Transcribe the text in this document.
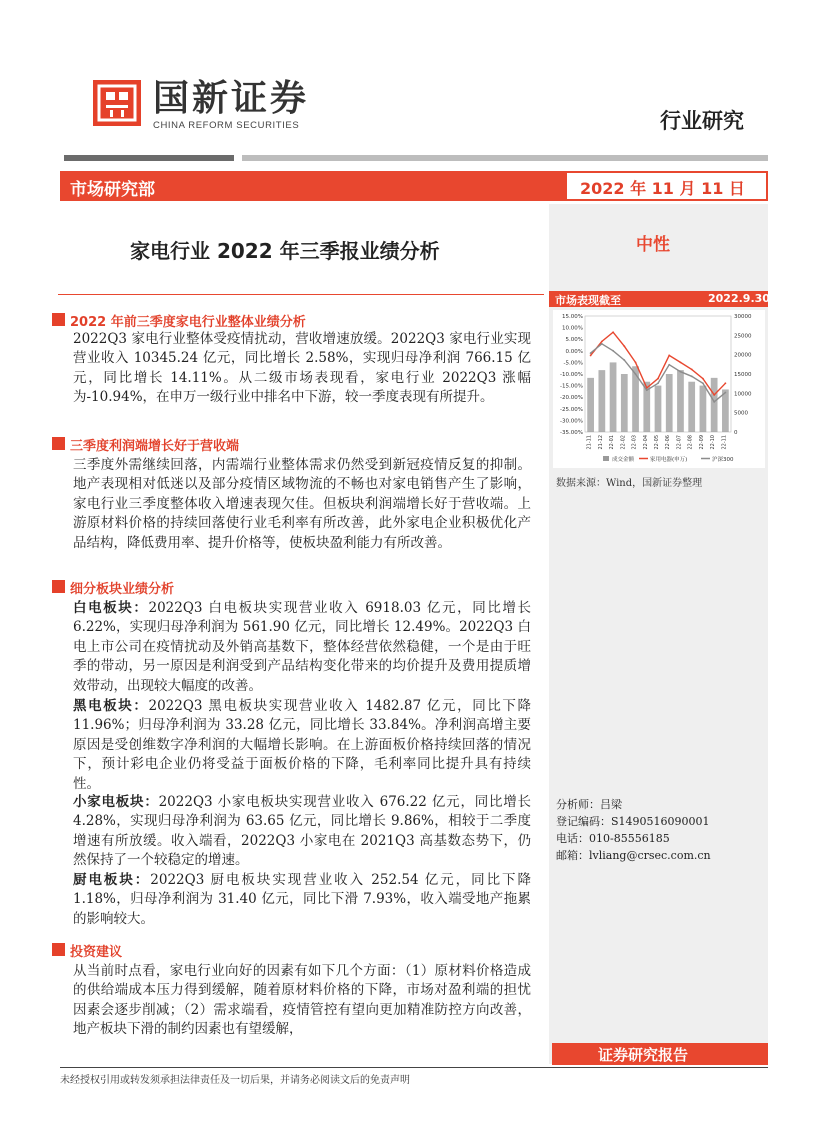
国新证券
CHINA REFORM SECURITIES	行业研究
市场研究部	2022 年 11 月 11 日
中性
市场表现截至	2022.9.30
15.00%
10.00%
5.00%
0.00%
-5.00%
-10.00%
-15.00%
-20.00%
-25.00%
-30.00%
-35.00%
30000
25000
20000
15000
10000
5000
0
21-11 21-12 22-01 22-02 22-03 22-04 22-05 22-06 22-07 22-08 22-09 22-10 22-11
成交金额	家用电器(申万)	沪深300
数据来源：Wind，国新证券整理
分析师：吕梁
登记编码：S1490516090001
电话：010-85556185
邮箱：lvliang@crsec.com.cn
家电行业 2022 年三季报业绩分析
2022 年前三季度家电行业整体业绩分析
2022Q3 家电行业整体受疫情扰动，营收增速放缓。2022Q3 家电行业实现营业收入 10345.24 亿元，同比增长 2.58%，实现归母净利润 766.15 亿元，同比增长 14.11%。从二级市场表现看，家电行业 2022Q3 涨幅为-10.94%，在申万一级行业中排名中下游，较一季度表现有所提升。
三季度利润端增长好于营收端
三季度外需继续回落，内需端行业整体需求仍然受到新冠疫情反复的抑制。地产表现相对低迷以及部分疫情区域物流的不畅也对家电销售产生了影响，家电行业三季度整体收入增速表现欠佳。但板块利润端增长好于营收端。上游原材料价格的持续回落使行业毛利率有所改善，此外家电企业积极优化产品结构，降低费用率、提升价格等，使板块盈利能力有所改善。
细分板块业绩分析
白电板块：2022Q3 白电板块实现营业收入 6918.03 亿元，同比增长 6.22%，实现归母净利润为 561.90 亿元，同比增长 12.49%。2022Q3 白电上市公司在疫情扰动及外销高基数下，整体经营依然稳健，一个是由于旺季的带动，另一原因是利润受到产品结构变化带来的均价提升及费用提质增效带动，出现较大幅度的改善。
黑电板块：2022Q3 黑电板块实现营业收入 1482.87 亿元，同比下降 11.96%；归母净利润为 33.28 亿元，同比增长 33.84%。净利润高增主要原因是受创维数字净利润的大幅增长影响。在上游面板价格持续回落的情况下，预计彩电企业仍将受益于面板价格的下降，毛利率同比提升具有持续性。
小家电板块：2022Q3 小家电板块实现营业收入 676.22 亿元，同比增长 4.28%，实现归母净利润为 63.65 亿元，同比增长 9.86%，相较于二季度增速有所放缓。收入端看，2022Q3 小家电在 2021Q3 高基数态势下，仍然保持了一个较稳定的增速。
厨电板块：2022Q3 厨电板块实现营业收入 252.54 亿元，同比下降 1.18%，归母净利润为 31.40 亿元，同比下滑 7.93%，收入端受地产拖累的影响较大。
投资建议
从当前时点看，家电行业向好的因素有如下几个方面：（1）原材料价格造成的供给端成本压力得到缓解，随着原材料价格的下降，市场对盈利端的担忧因素会逐步削减；（2）需求端看，疫情管控有望向更加精准防控方向改善，地产板块下滑的制约因素也有望缓解，
证券研究报告
未经授权引用或转发须承担法律责任及一切后果，并请务必阅读文后的免责声明
